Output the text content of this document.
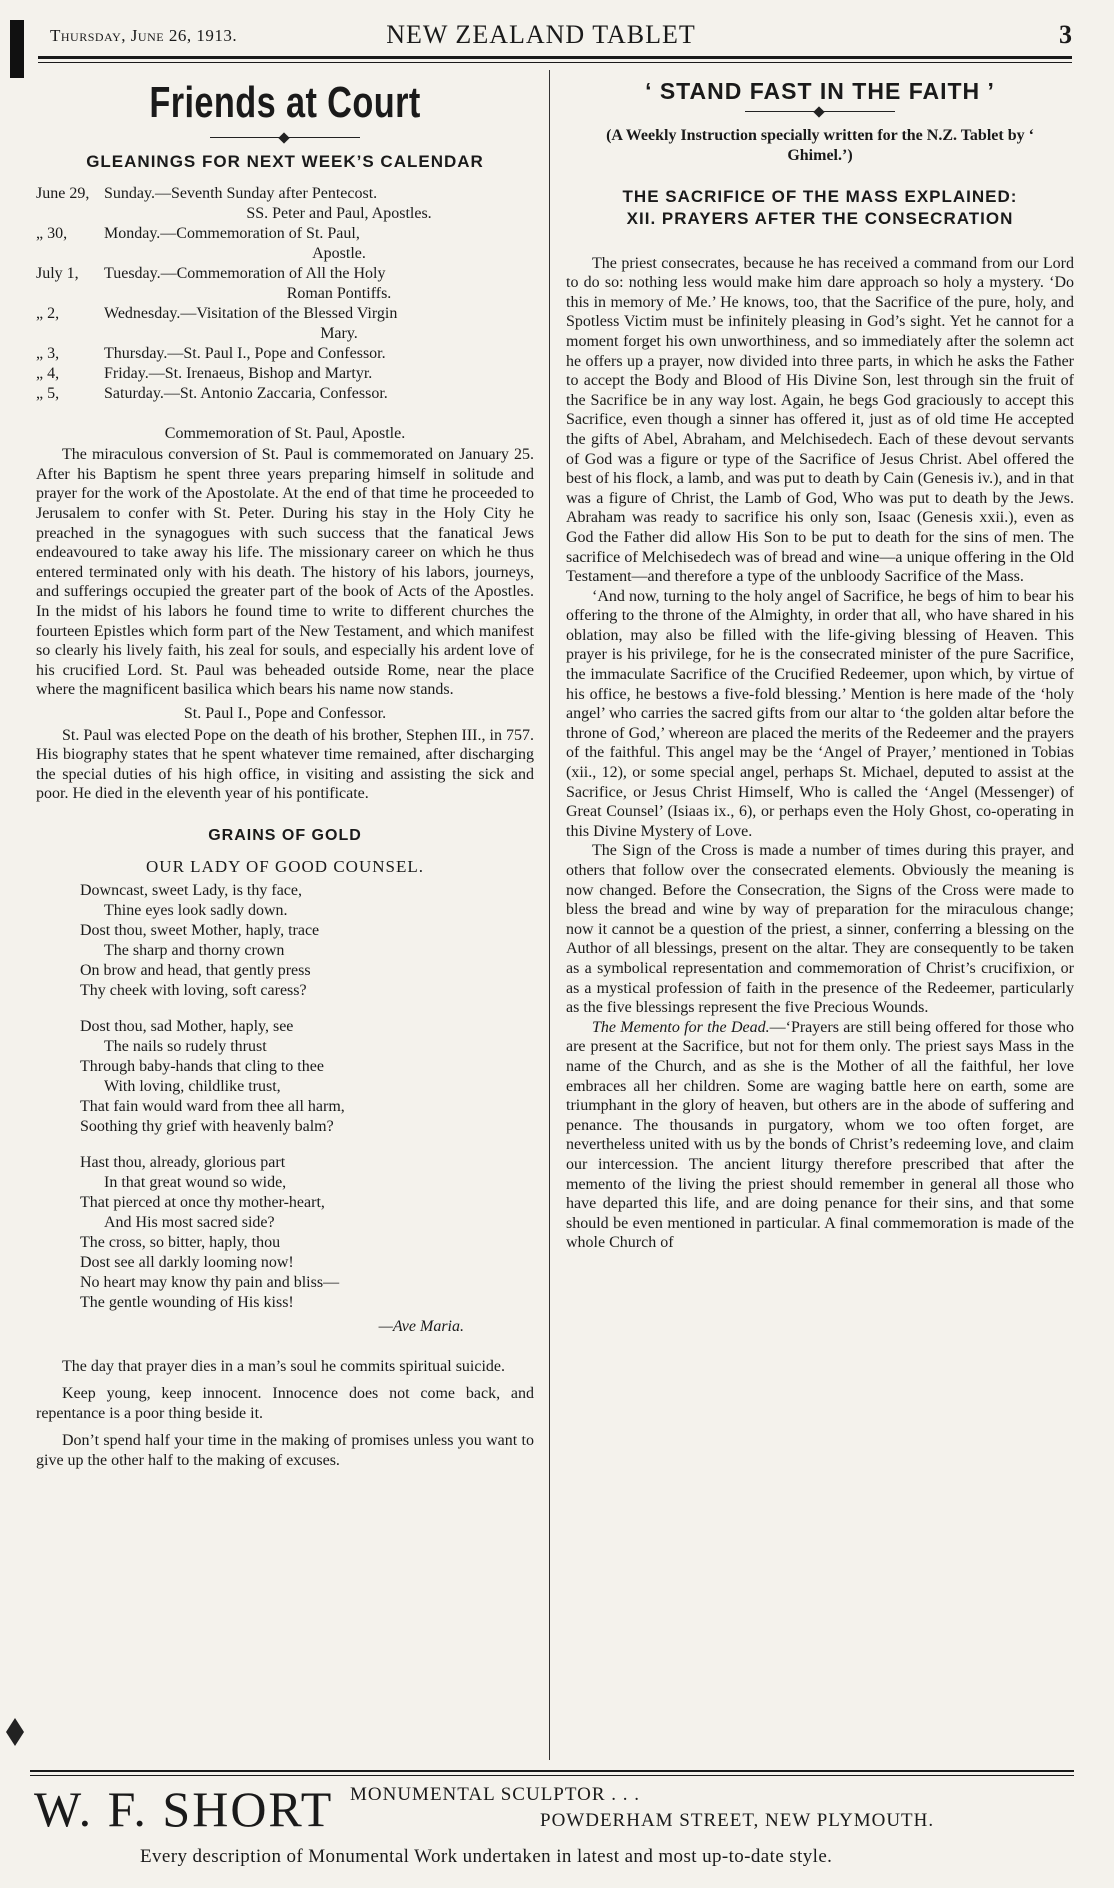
Thursday, June 26, 1913.	NEW ZEALAND TABLET	3
Friends at Court
GLEANINGS FOR NEXT WEEK’S CALENDAR
June 29, Sunday.—Seventh Sunday after Pentecost.
SS. Peter and Paul, Apostles.
„ 30,	Monday.—Commemoration of St. Paul,
Apostle.
July 1,	Tuesday.—Commemoration of All the Holy
Roman Pontiffs.
„ 2,	Wednesday.—Visitation of the Blessed Virgin
Mary.
„ 3,	Thursday.—St. Paul I., Pope and Confessor.
„ 4,	Friday.—St. Irenaeus, Bishop and Martyr.
„ 5,	Saturday.—St. Antonio Zaccaria, Confessor.
Commemoration of St. Paul, Apostle.

The miraculous conversion of St. Paul is commemorated on January 25. After his Baptism he spent three years preparing himself in solitude and prayer for the work of the Apostolate. At the end of that time he proceeded to Jerusalem to confer with St. Peter. During his stay in the Holy City he preached in the synagogues with such success that the fanatical Jews endeavoured to take away his life. The missionary career on which he thus entered terminated only with his death. The history of his labors, journeys, and sufferings occupied the greater part of the book of Acts of the Apostles. In the midst of his labors he found time to write to different churches the fourteen Epistles which form part of the New Testament, and which manifest so clearly his lively faith, his zeal for souls, and especially his ardent love of his crucified Lord. St. Paul was beheaded outside Rome, near the place where the magnificent basilica which bears his name now stands.

St. Paul I., Pope and Confessor.

St. Paul was elected Pope on the death of his brother, Stephen III., in 757. His biography states that he spent whatever time remained, after discharging the special duties of his high office, in visiting and assisting the sick and poor. He died in the eleventh year of his pontificate.

GRAINS OF GOLD
OUR LADY OF GOOD COUNSEL.
Downcast, sweet Lady, is thy face,
Thine eyes look sadly down.
Dost thou, sweet Mother, haply, trace
The sharp and thorny crown
On brow and head, that gently press
Thy cheek with loving, soft caress?
Dost thou, sad Mother, haply, see
The nails so rudely thrust
Through baby-hands that cling to thee
With loving, childlike trust,
That fain would ward from thee all harm,
Soothing thy grief with heavenly balm?
Hast thou, already, glorious part
In that great wound so wide,
That pierced at once thy mother-heart,
And His most sacred side?
The cross, so bitter, haply, thou
Dost see all darkly looming now!
No heart may know thy pain and bliss—
The gentle wounding of His kiss!
—Ave Maria.

The day that prayer dies in a man’s soul he commits spiritual suicide.

Keep young, keep innocent. Innocence does not come back, and repentance is a poor thing beside it.

Don’t spend half your time in the making of promises unless you want to give up the other half to the making of excuses.

‘ STAND FAST IN THE FAITH ’
(A Weekly Instruction specially written for the N.Z. Tablet by ‘ Ghimel.’)
THE SACRIFICE OF THE MASS EXPLAINED:
XII. PRAYERS AFTER THE CONSECRATION

The priest consecrates, because he has received a command from our Lord to do so: nothing less would make him dare approach so holy a mystery. ‘Do this in memory of Me.’ He knows, too, that the Sacrifice of the pure, holy, and Spotless Victim must be infinitely pleasing in God’s sight. Yet he cannot for a moment forget his own unworthiness, and so immediately after the solemn act he offers up a prayer, now divided into three parts, in which he asks the Father to accept the Body and Blood of His Divine Son, lest through sin the fruit of the Sacrifice be in any way lost. Again, he begs God graciously to accept this Sacrifice, even though a sinner has offered it, just as of old time He accepted the gifts of Abel, Abraham, and Melchisedech. Each of these devout servants of God was a figure or type of the Sacrifice of Jesus Christ. Abel offered the best of his flock, a lamb, and was put to death by Cain (Genesis iv.), and in that was a figure of Christ, the Lamb of God, Who was put to death by the Jews. Abraham was ready to sacrifice his only son, Isaac (Genesis xxii.), even as God the Father did allow His Son to be put to death for the sins of men. The sacrifice of Melchisedech was of bread and wine—a unique offering in the Old Testament—and therefore a type of the unbloody Sacrifice of the Mass.

‘And now, turning to the holy angel of Sacrifice, he begs of him to bear his offering to the throne of the Almighty, in order that all, who have shared in his oblation, may also be filled with the life-giving blessing of Heaven. This prayer is his privilege, for he is the consecrated minister of the pure Sacrifice, the immaculate Sacrifice of the Crucified Redeemer, upon which, by virtue of his office, he bestows a five-fold blessing.’ Mention is here made of the ‘holy angel’ who carries the sacred gifts from our altar to ‘the golden altar before the throne of God,’ whereon are placed the merits of the Redeemer and the prayers of the faithful. This angel may be the ‘Angel of Prayer,’ mentioned in Tobias (xii., 12), or some special angel, perhaps St. Michael, deputed to assist at the Sacrifice, or Jesus Christ Himself, Who is called the ‘Angel (Messenger) of Great Counsel’ (Isiaas ix., 6), or perhaps even the Holy Ghost, co-operating in this Divine Mystery of Love.

The Sign of the Cross is made a number of times during this prayer, and others that follow over the consecrated elements. Obviously the meaning is now changed. Before the Consecration, the Signs of the Cross were made to bless the bread and wine by way of preparation for the miraculous change; now it cannot be a question of the priest, a sinner, conferring a blessing on the Author of all blessings, present on the altar. They are consequently to be taken as a symbolical representation and commemoration of Christ’s crucifixion, or as a mystical profession of faith in the presence of the Redeemer, particularly as the five blessings represent the five Precious Wounds.

The Memento for the Dead.—‘Prayers are still being offered for those who are present at the Sacrifice, but not for them only. The priest says Mass in the name of the Church, and as she is the Mother of all the faithful, her love embraces all her children. Some are waging battle here on earth, some are triumphant in the glory of heaven, but others are in the abode of suffering and penance. The thousands in purgatory, whom we too often forget, are nevertheless united with us by the bonds of Christ’s redeeming love, and claim our intercession. The ancient liturgy therefore prescribed that after the memento of the living the priest should remember in general all those who have departed this life, and are doing penance for their sins, and that some should be even mentioned in particular. A final commemoration is made of the whole Church of

W. F. SHORT MONUMENTAL SCULPTOR . . .
POWDERHAM STREET, NEW PLYMOUTH.
Every description of Monumental Work undertaken in latest and most up-to-date style.
